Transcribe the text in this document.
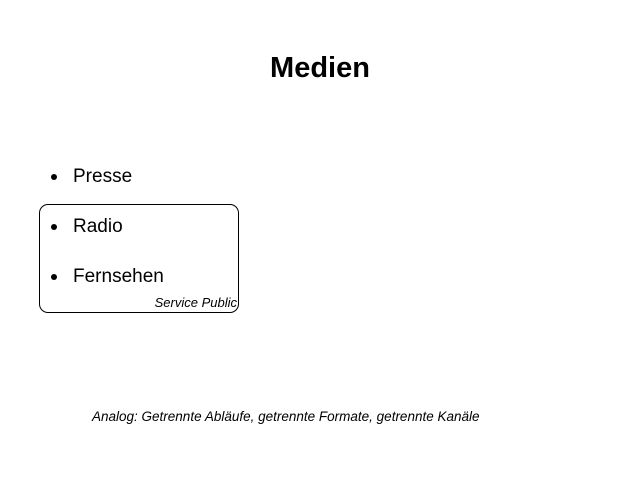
Medien
Presse
Radio
Fernsehen
Service Public
Analog: Getrennte Abläufe, getrennte Formate, getrennte Kanäle
